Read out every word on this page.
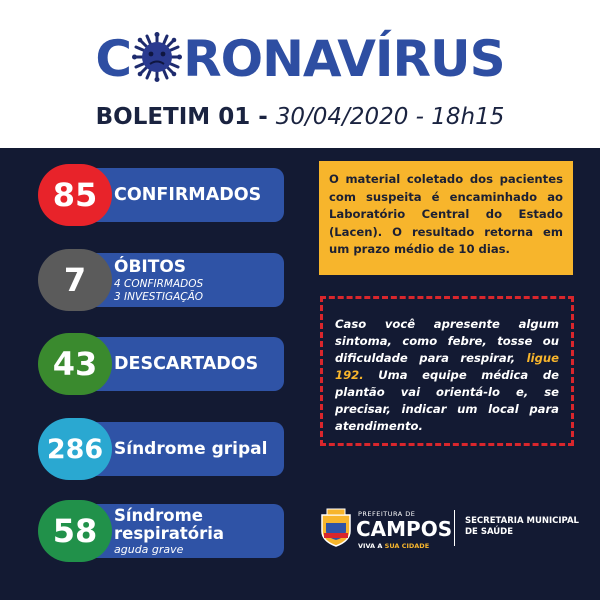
C RONAVÍRUS
BOLETIM 01 - 30/04/2020 - 18h15
85 CONFIRMADOS
7	ÓBITOS
4 CONFIRMADOS
3 INVESTIGAÇÃO
43 DESCARTADOS
286 Síndrome gripal
58	Síndrome
respiratória
aguda grave
O material coletado dos pacientes com suspeita é encaminhado ao Laboratório Central do Estado (Lacen). O resultado retorna em um prazo médio de 10 dias.
Caso você apresente algum sintoma, como febre, tosse ou dificuldade para respirar, ligue 192. Uma equipe médica de plantão vai orientá-lo e, se precisar, indicar um local para atendimento.
PREFEITURA DE
CAMPOS
VIVA A SUA CIDADE
SECRETARIA MUNICIPAL
DE SAÚDE
